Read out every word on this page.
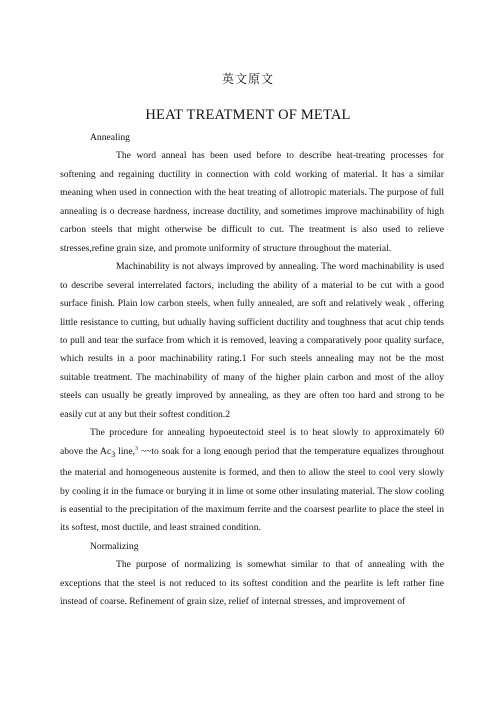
英文原文
HEAT TREATMENT OF METAL

Annealing

The word anneal has been used before to describe heat-treating processes for softening and regaining ductility in connection with cold working of material. It has a similar meaning when used in connection with the heat treating of allotropic materials. The purpose of full annealing is o decrease hardness, increase ductility, and sometimes improve machinability of high carbon steels that might otherwise be difficult to cut. The treatment is also used to relieve stresses,refine grain size, and promote uniformity of structure throughout the material.

Machinability is not always improved by annealing. The word machinability is used to describe several interrelated factors, including the ability of a material to be cut with a good surface finish. Plain low carbon steels, when fully annealed, are soft and relatively weak , offering little resistance to cutting, but udually having sufficient ductility and toughness that acut chip tends to pull and tear the surface from which it is removed, leaving a comparatively poor quality surface, which results in a poor machinability rating.1 For such steels annealing may not be the most suitable treatment. The machinability of many of the higher plain carbon and most of the alloy steels can usually be greatly improved by annealing, as they are often too hard and strong to be easily cut at any but their softest condition.2

The procedure for annealing hypoeutectoid steel is to heat slowly to approximately 60 above the $Ac_3$ line,$^3$ ~~to soak for a long enough period that the temperature equalizes throughout the material and homogeneous austenite is formed, and then to allow the steel to cool very slowly by cooling it in the fumace or burying it in lime ot some other insulating material. The slow cooling is easential to the precipitation of the maximum ferrite and the coarsest pearlite to place the steel in its softest, most ductile, and least strained condition.

Normalizing

The purpose of normalizing is somewhat similar to that of annealing with the exceptions that the steel is not reduced to its softest condition and the pearlite is left rather fine instead of coarse. Refinement of grain size, relief of internal stresses, and improvement of
